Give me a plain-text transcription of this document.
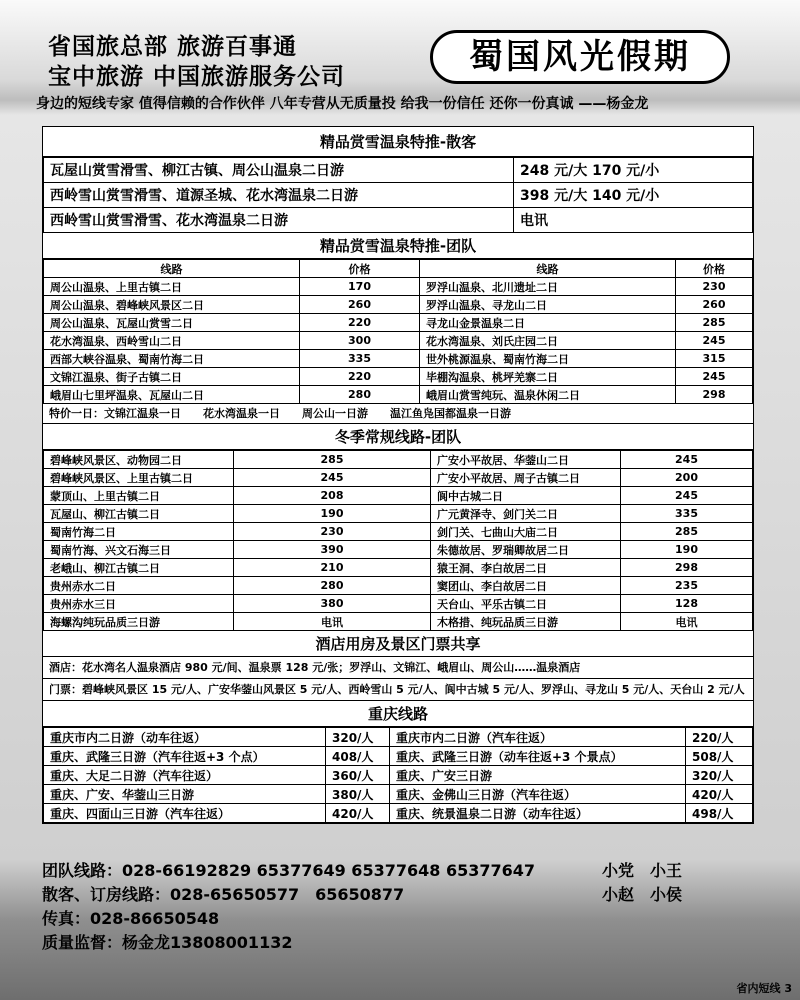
省国旅总部 旅游百事通
宝中旅游 中国旅游服务公司	蜀国风光假期
身边的短线专家 值得信赖的合作伙伴 八年专营从无质量投 给我一份信任 还你一份真诚 ——杨金龙
精品赏雪温泉特推-散客
瓦屋山赏雪滑雪、柳江古镇、周公山温泉二日游	248 元/大 170 元/小
西岭雪山赏雪滑雪、道源圣城、花水湾温泉二日游	398 元/大 140 元/小
西岭雪山赏雪滑雪、花水湾温泉二日游	电讯
精品赏雪温泉特推-团队
线路	价格	线路	价格
周公山温泉、上里古镇二日	170	罗浮山温泉、北川遗址二日	230
周公山温泉、碧峰峡风景区二日	260	罗浮山温泉、寻龙山二日	260
周公山温泉、瓦屋山赏雪二日	220	寻龙山金景温泉二日	285
花水湾温泉、西岭雪山二日	300	花水湾温泉、刘氏庄园二日	245
西部大峡谷温泉、蜀南竹海二日	335	世外桃源温泉、蜀南竹海二日	315
文锦江温泉、街子古镇二日	220	毕棚沟温泉、桃坪羌寨二日	245
峨眉山七里坪温泉、瓦屋山二日	280	峨眉山赏雪纯玩、温泉休闲二日	298
特价一日：文锦江温泉一日　　花水湾温泉一日　　周公山一日游　　温江鱼凫国都温泉一日游
冬季常规线路-团队
碧峰峡风景区、动物园二日	285	广安小平故居、华蓥山二日	245
碧峰峡风景区、上里古镇二日	245	广安小平故居、周子古镇二日	200
蒙顶山、上里古镇二日	208	阆中古城二日	245
瓦屋山、柳江古镇二日	190	广元黄泽寺、剑门关二日	335
蜀南竹海二日	230	剑门关、七曲山大庙二日	285
蜀南竹海、兴文石海三日	390	朱德故居、罗瑞卿故居二日	190
老峨山、柳江古镇二日	210	猿王洞、李白故居二日	298
贵州赤水二日	280	窦团山、李白故居二日	235
贵州赤水三日	380	天台山、平乐古镇二日	128
海螺沟纯玩品质三日游	电讯	木格措、纯玩品质三日游	电讯
酒店用房及景区门票共享
酒店：花水湾名人温泉酒店 980 元/间、温泉票 128 元/张；罗浮山、文锦江、峨眉山、周公山……温泉酒店
门票：碧峰峡风景区 15 元/人、广安华蓥山风景区 5 元/人、西岭雪山 5 元/人、阆中古城 5 元/人、罗浮山、寻龙山 5 元/人、天台山 2 元/人
重庆线路
重庆市内二日游（动车往返）	320/人	重庆市内二日游（汽车往返）	220/人
重庆、武隆三日游（汽车往返+3 个点）	408/人	重庆、武隆三日游（动车往返+3 个景点）	508/人
重庆、大足二日游（汽车往返）	360/人	重庆、广安三日游	320/人
重庆、广安、华蓥山三日游	380/人	重庆、金佛山三日游（汽车往返）	420/人
重庆、四面山三日游（汽车往返）	420/人	重庆、统景温泉二日游（动车往返）	498/人
团队线路：028-66192829 65377649 65377648 65377647	小党　小王
散客、订房线路：028-65650577　65650877	小赵　小侯
传真：028-86650548
质量监督：杨金龙13808001132
省内短线 3
